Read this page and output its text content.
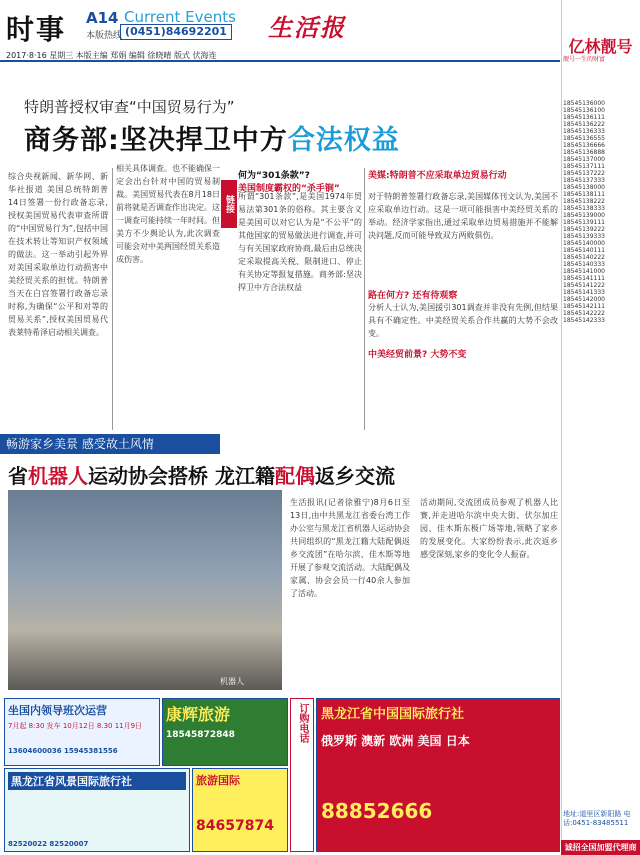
时事 A14 Current Events
本版热线 (0451)84692201 生活报
2017·8·16 星期三 本版主编 郑娟 编辑 徐晓晴 版式 伏海连
特朗普授权审查“中国贸易行为”
商务部:坚决捍卫中方合法权益
综合央视新闻、新华网、新华社报道 美国总统特朗普14日签署一份行政备忘录,授权美国贸易代表审查所谓的“中国贸易行为”,包括中国在技术转让等知识产权领域的做法。这一举动引起外界对美国采取单边行动损害中美经贸关系的担忧。特朗普当天在白宫签署行政备忘录时称,为确保“公平和对等的贸易关系”,授权美国贸易代表莱特希泽启动相关调查。
相关具体调查。也不能确保一定会出台针对中国的贸易制裁。美国贸易代表在8月18日前将就是否调查作出决定。这一调查可能持续一年时间。但美方不少舆论认为,此次调查可能会对中美两国经贸关系造成伤害。
链接
何为“301条款”?
美国制度霸权的“杀手锏”
所谓“301条款”,是美国1974年贸易法第301条的俗称。其主要含义是美国可以对它认为是“不公平”的其他国家的贸易做法进行调查,并可与有关国家政府协商,最后由总统决定采取提高关税、限制进口、停止有关协定等报复措施。商务部:坚决捍卫中方合法权益
美媒:特朗普不应采取单边贸易行动
对于特朗普签署行政备忘录,美国媒体刊文认为,美国不应采取单边行动。这是一项可能损害中美经贸关系的举动。经济学家指出,通过采取单边贸易措施并不能解决问题,反而可能导致双方两败俱伤。
路在何方? 还有待观察
分析人士认为,美国援引301调查并非没有先例,但结果具有不确定性。中美经贸关系合作共赢的大势不会改变。
中美经贸前景? 大势不变
畅游家乡美景 感受故土风情
省机器人运动协会搭桥 龙江籍配偶返乡交流
机器人
生活报讯(记者徐雅宁)8月6日至13日,由中共黑龙江省委台湾工作办公室与黑龙江省机器人运动协会共同组织的“黑龙江籍大陆配偶返乡交流团”在哈尔滨、佳木斯等地开展了参观交流活动。大陆配偶及家属、协会会员一行40余人参加了活动。
活动期间,交流团成员参观了机器人比赛,并走进哈尔滨中央大街、伏尔加庄园、佳木斯东极广场等地,领略了家乡的发展变化。大家纷纷表示,此次返乡感受深刻,家乡的变化令人振奋。
坐国内领导班次运营
7月起 8:30 发车 10月12日 8.30 11月9日
13604600036 15945381556
康辉旅游
18545872848
黑龙江省风景国际旅行社
82520022 82520007
旅游国际
84657874
订购电话	黑龙江省中国国际旅行社
俄罗斯 澳新 欧洲 美国 日本
88852666
亿林靓号
靓号一生的财富
18545136000 18545136100 18545136111 18545136222 18545136333 18545136555 18545136666 18545136888 18545137000 18545137111 18545137222 18545137333 18545138000 18545138111 18545138222 18545138333 18545139000 18545139111 18545139222 18545139333 18545140000 18545140111 18545140222 18545140333 18545141000 18545141111 18545141222 18545141333 18545142000 18545142111 18545142222 18545142333
地址:道里区新阳路 电话:0451-83485511
诚招全国加盟代理商
